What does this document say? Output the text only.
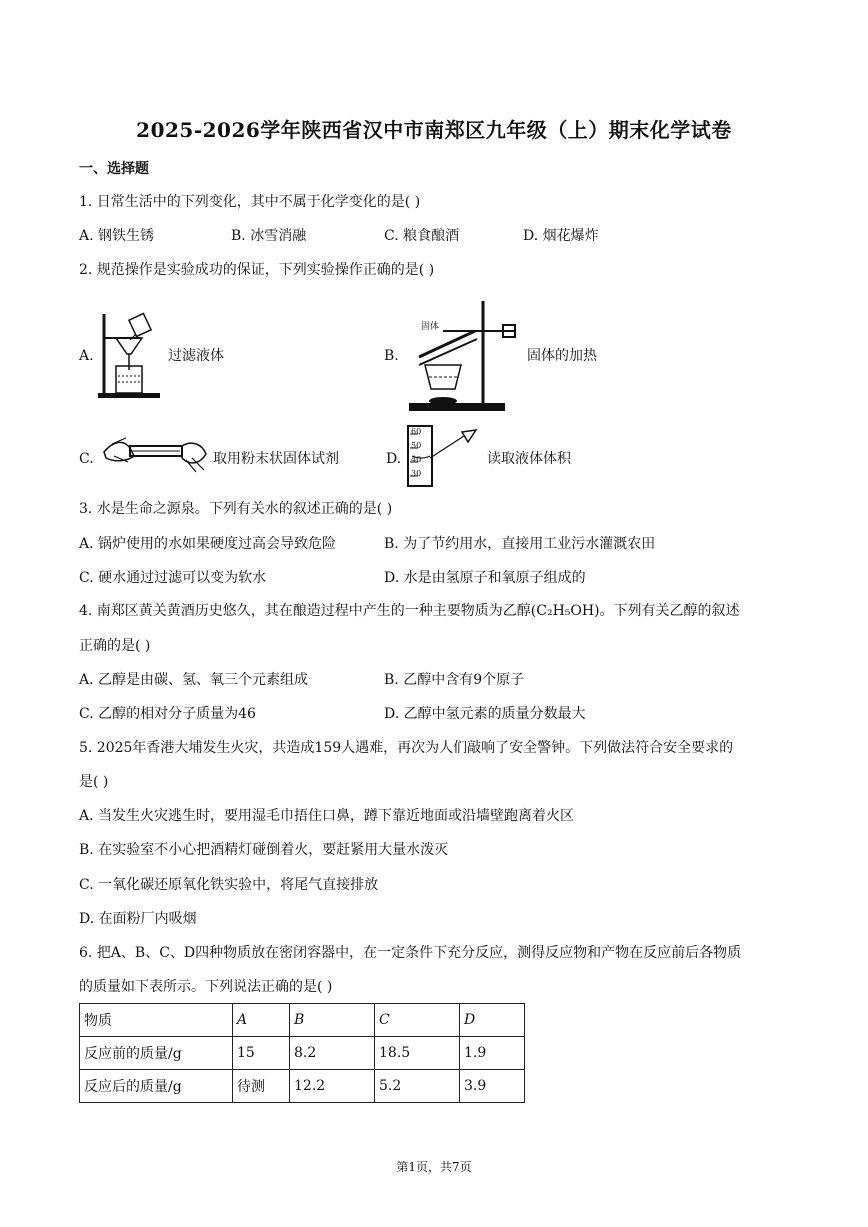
2025-2026学年陕西省汉中市南郑区九年级（上）期末化学试卷
一、选择题
1. 日常生活中的下列变化，其中不属于化学变化的是( )
A. 钢铁生锈	B. 冰雪消融	C. 粮食酿酒	D. 烟花爆炸
2. 规范操作是实验成功的保证，下列实验操作正确的是( )
A.	过滤液体	B.
固体
固体的加热
C.	取用粉末状固体试剂	D.
60
50
40
30
读取液体体积
3. 水是生命之源泉。下列有关水的叙述正确的是( )
A. 锅炉使用的水如果硬度过高会导致危险	B. 为了节约用水，直接用工业污水灌溉农田
C. 硬水通过过滤可以变为软水	D. 水是由氢原子和氧原子组成的
4. 南郑区黄关黄酒历史悠久，其在酿造过程中产生的一种主要物质为乙醇(C₂H₅OH)。下列有关乙醇的叙述
正确的是( )
A. 乙醇是由碳、氢、氧三个元素组成	B. 乙醇中含有9个原子
C. 乙醇的相对分子质量为46	D. 乙醇中氢元素的质量分数最大
5. 2025年香港大埔发生火灾，共造成159人遇难，再次为人们敲响了安全警钟。下列做法符合安全要求的
是( )
A. 当发生火灾逃生时，要用湿毛巾捂住口鼻，蹲下靠近地面或沿墙壁跑离着火区
B. 在实验室不小心把酒精灯碰倒着火，要赶紧用大量水泼灭
C. 一氧化碳还原氧化铁实验中，将尾气直接排放
D. 在面粉厂内吸烟
6. 把A、B、C、D四种物质放在密闭容器中，在一定条件下充分反应，测得反应物和产物在反应前后各物质
的质量如下表所示。下列说法正确的是( )
物质	A	B	C	D
反应前的质量/g	15	8.2	18.5	1.9
反应后的质量/g	待测	12.2	5.2	3.9
第1页，共7页
